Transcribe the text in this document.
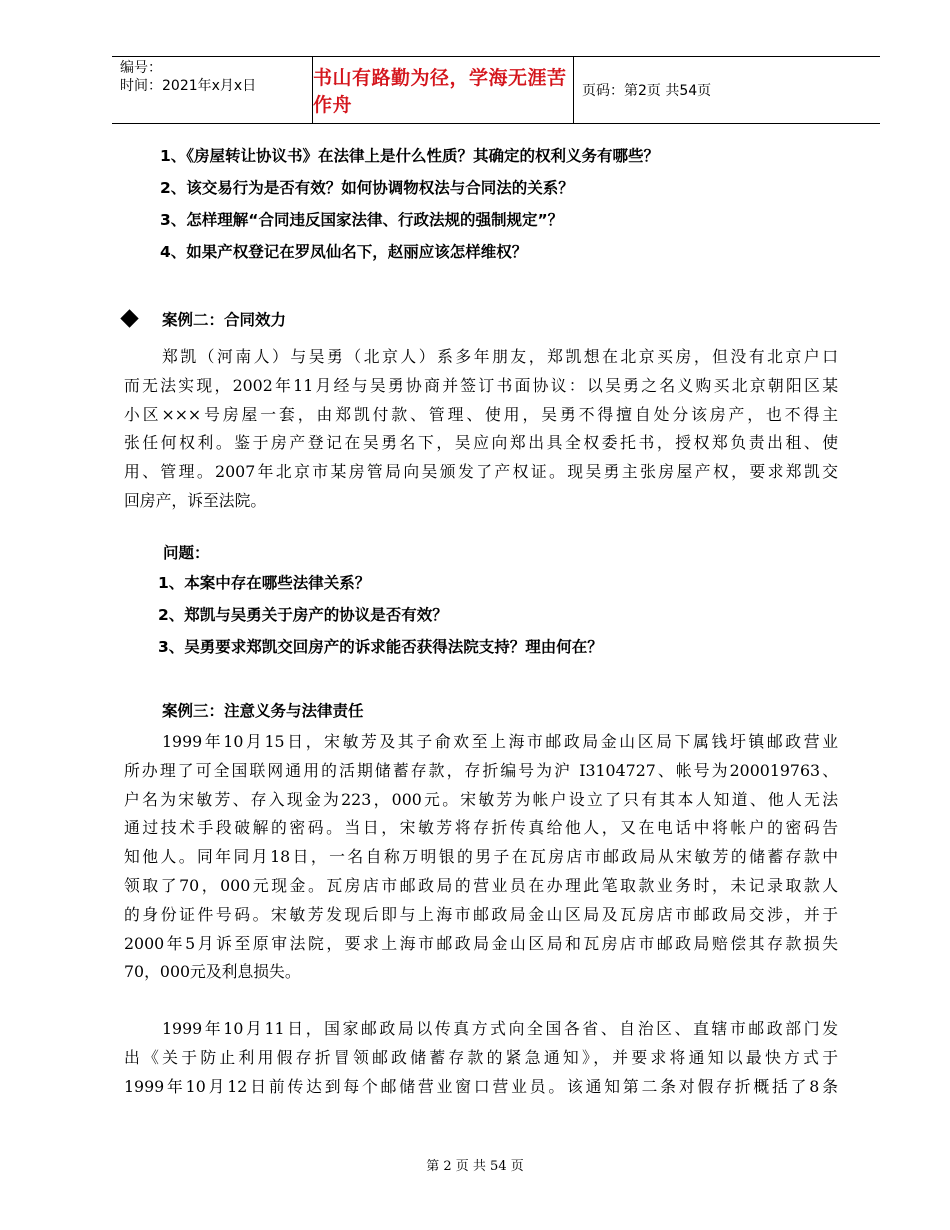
编号：
时间：2021年x月x日	书山有路勤为径，学海无涯苦作舟
页码：第2页 共54页
1、《房屋转让协议书》在法律上是什么性质？其确定的权利义务有哪些？
2、该交易行为是否有效？如何协调物权法与合同法的关系？
3、怎样理解“合同违反国家法律、行政法规的强制规定”？
4、如果产权登记在罗凤仙名下，赵丽应该怎样维权？
案例二：合同效力
郑凯（河南人）与吴勇（北京人）系多年朋友，郑凯想在北京买房，但没有北京户口
而无法实现，2002年11月经与吴勇协商并签订书面协议：以吴勇之名义购买北京朝阳区某
小区×××号房屋一套，由郑凯付款、管理、使用，吴勇不得擅自处分该房产，也不得主
张任何权利。鉴于房产登记在吴勇名下，吴应向郑出具全权委托书，授权郑负责出租、使
用、管理。2007年北京市某房管局向吴颁发了产权证。现吴勇主张房屋产权，要求郑凯交
回房产，诉至法院。
问题：
1、本案中存在哪些法律关系？
2、郑凯与吴勇关于房产的协议是否有效？
3、吴勇要求郑凯交回房产的诉求能否获得法院支持？理由何在？
案例三：注意义务与法律责任
1999年10月15日，宋敏芳及其子俞欢至上海市邮政局金山区局下属钱圩镇邮政营业
所办理了可全国联网通用的活期储蓄存款，存折编号为沪 I3104727、帐号为200019763、
户名为宋敏芳、存入现金为223，000元。宋敏芳为帐户设立了只有其本人知道、他人无法
通过技术手段破解的密码。当日，宋敏芳将存折传真给他人，又在电话中将帐户的密码告
知他人。同年同月18日，一名自称万明银的男子在瓦房店市邮政局从宋敏芳的储蓄存款中
领取了70，000元现金。瓦房店市邮政局的营业员在办理此笔取款业务时，未记录取款人
的身份证件号码。宋敏芳发现后即与上海市邮政局金山区局及瓦房店市邮政局交涉，并于
2000年5月诉至原审法院，要求上海市邮政局金山区局和瓦房店市邮政局赔偿其存款损失
70，000元及利息损失。
1999年10月11日，国家邮政局以传真方式向全国各省、自治区、直辖市邮政部门发
出《关于防止利用假存折冒领邮政储蓄存款的紧急通知》，并要求将通知以最快方式于
1999年10月12日前传达到每个邮储营业窗口营业员。该通知第二条对假存折概括了8条
第 2 页 共 54 页
